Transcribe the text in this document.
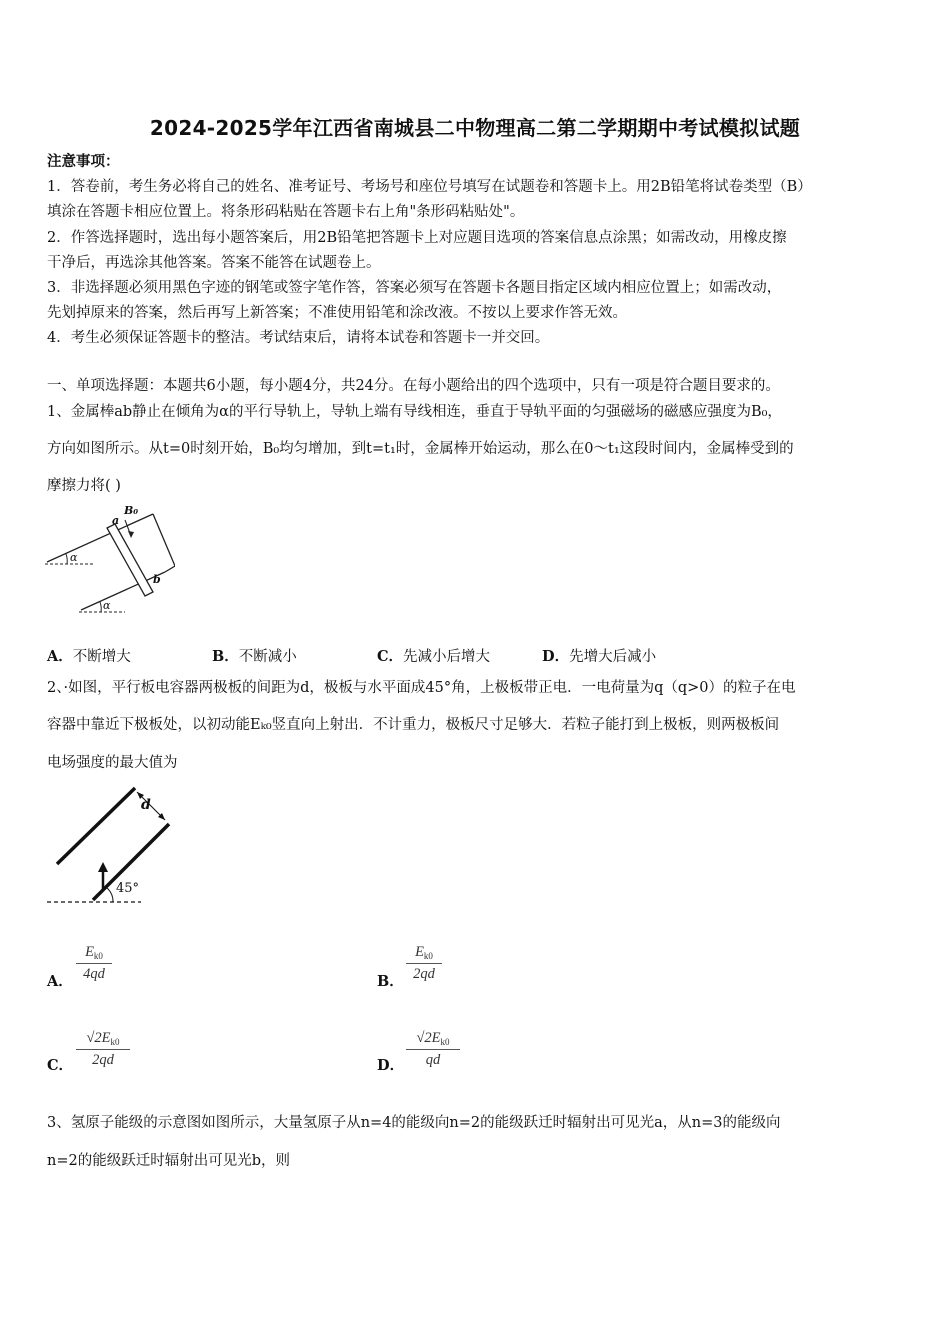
2024-2025学年江西省南城县二中物理高二第二学期期中考试模拟试题
注意事项：
1．答卷前，考生务必将自己的姓名、准考证号、考场号和座位号填写在试题卷和答题卡上。用2B铅笔将试卷类型（B）
填涂在答题卡相应位置上。将条形码粘贴在答题卡右上角"条形码粘贴处"。
2．作答选择题时，选出每小题答案后，用2B铅笔把答题卡上对应题目选项的答案信息点涂黑；如需改动，用橡皮擦
干净后，再选涂其他答案。答案不能答在试题卷上。
3．非选择题必须用黑色字迹的钢笔或签字笔作答，答案必须写在答题卡各题目指定区域内相应位置上；如需改动，
先划掉原来的答案，然后再写上新答案；不准使用铅笔和涂改液。不按以上要求作答无效。
4．考生必须保证答题卡的整洁。考试结束后，请将本试卷和答题卡一并交回。
一、单项选择题：本题共6小题，每小题4分，共24分。在每小题给出的四个选项中，只有一项是符合题目要求的。
1、金属棒ab静止在倾角为α的平行导轨上，导轨上端有导线相连，垂直于导轨平面的匀强磁场的磁感应强度为B₀，
方向如图所示。从t=0时刻开始，B₀均匀增加，到t=t₁时，金属棒开始运动，那么在0～t₁这段时间内，金属棒受到的
摩擦力将( )
α
α
a
b
B₀
A．不断增大	B．不断减小	C．先减小后增大	D．先增大后减小
2、·如图，平行板电容器两极板的间距为d，极板与水平面成45°角，上极板带正电．一电荷量为q（q>0）的粒子在电
容器中靠近下极板处，以初动能Eₖ₀竖直向上射出．不计重力，极板尺寸足够大．若粒子能打到上极板，则两极板间
电场强度的最大值为
d
45°
A．
$E_{k0}$
4qd	B．
$E_{k0}$
2qd
C．
$√2E_{k0}$
2qd	D．
$√2E_{k0}$
qd
3、氢原子能级的示意图如图所示，大量氢原子从n=4的能级向n=2的能级跃迁时辐射出可见光a，从n=3的能级向
n=2的能级跃迁时辐射出可见光b，则
